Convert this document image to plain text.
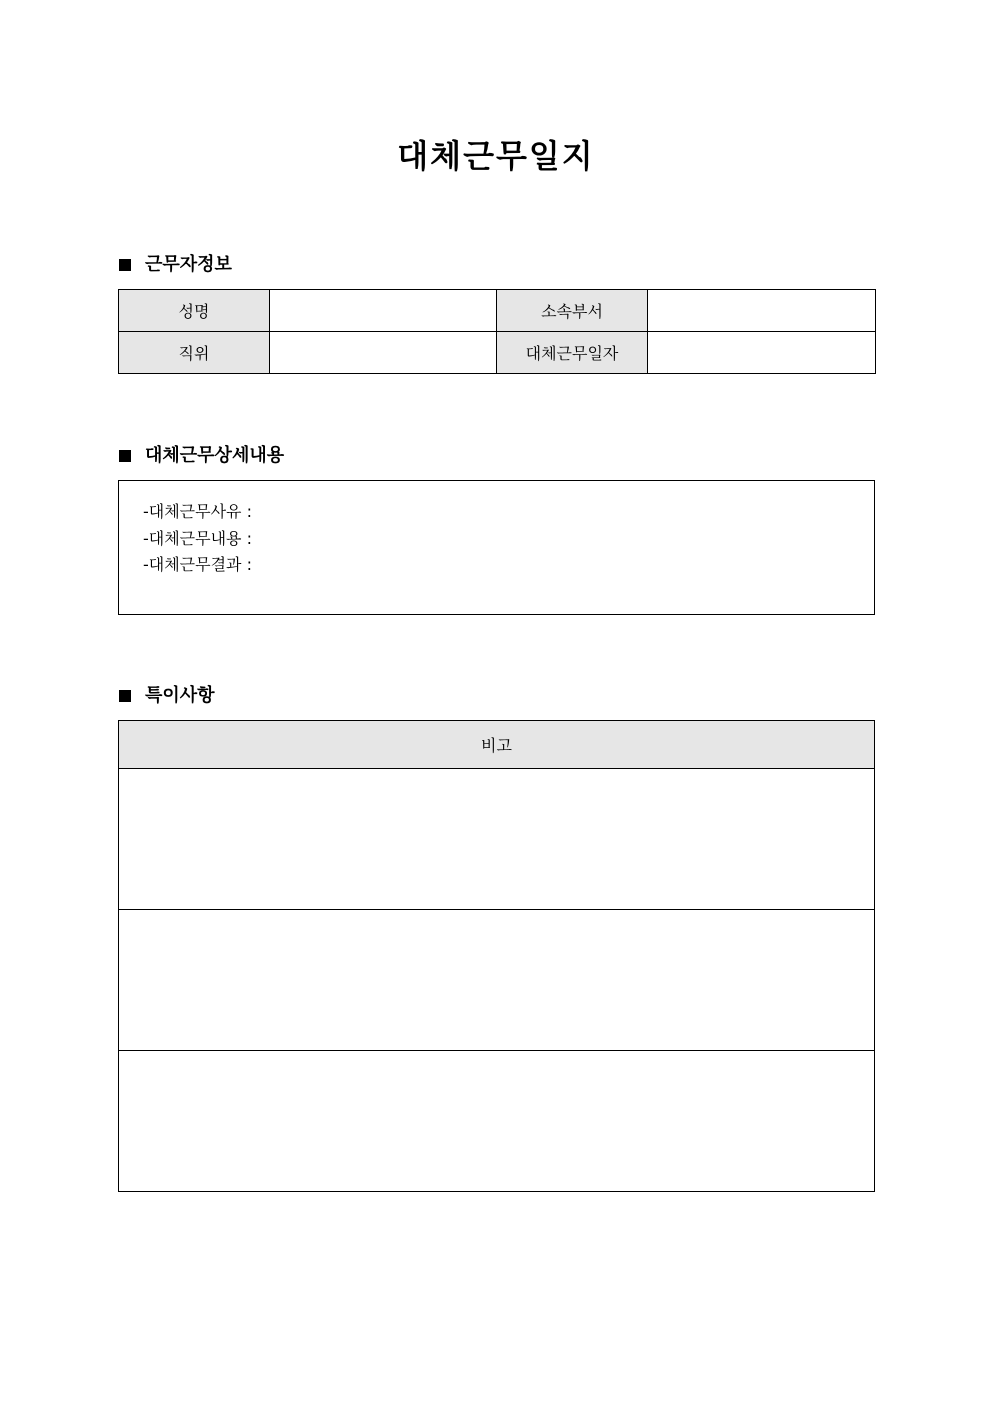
대체근무일지
근무자정보
성명		소속부서	
직위		대체근무일자	
대체근무상세내용
-대체근무사유 :
-대체근무내용 :
-대체근무결과 :
특이사항
비고
